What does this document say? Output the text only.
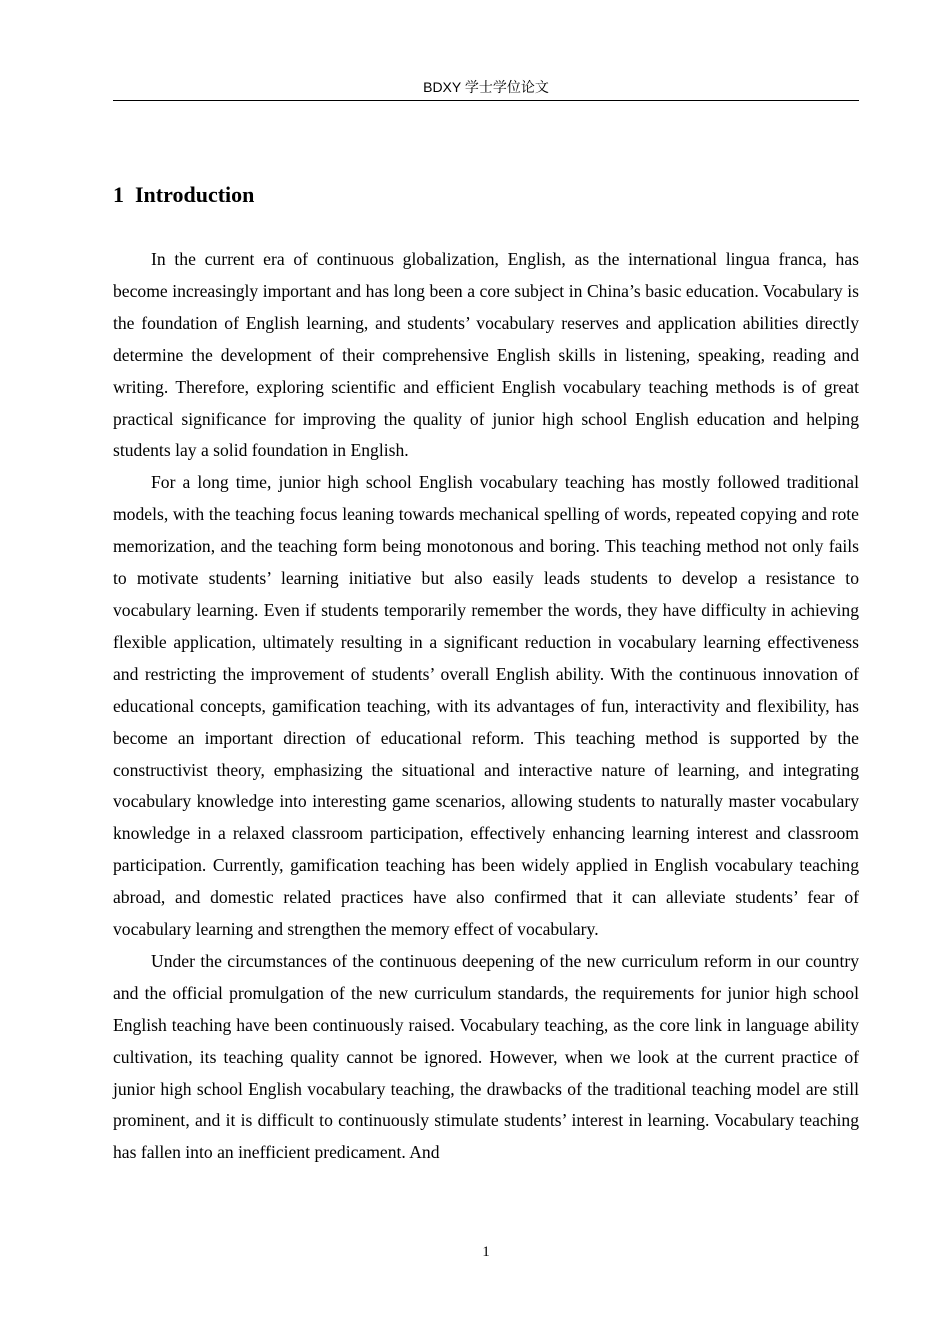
BDXY 学士学位论文
1 Introduction

In the current era of continuous globalization, English, as the international lingua franca, has become increasingly important and has long been a core subject in China’s basic education. Vocabulary is the foundation of English learning, and students’ vocabulary reserves and application abilities directly determine the development of their comprehensive English skills in listening, speaking, reading and writing. Therefore, exploring scientific and efficient English vocabulary teaching methods is of great practical significance for improving the quality of junior high school English education and helping students lay a solid foundation in English.

For a long time, junior high school English vocabulary teaching has mostly followed traditional models, with the teaching focus leaning towards mechanical spelling of words, repeated copying and rote memorization, and the teaching form being monotonous and boring. This teaching method not only fails to motivate students’ learning initiative but also easily leads students to develop a resistance to vocabulary learning. Even if students temporarily remember the words, they have difficulty in achieving flexible application, ultimately resulting in a significant reduction in vocabulary learning effectiveness and restricting the improvement of students’ overall English ability. With the continuous innovation of educational concepts, gamification teaching, with its advantages of fun, interactivity and flexibility, has become an important direction of educational reform. This teaching method is supported by the constructivist theory, emphasizing the situational and interactive nature of learning, and integrating vocabulary knowledge into interesting game scenarios, allowing students to naturally master vocabulary knowledge in a relaxed classroom participation, effectively enhancing learning interest and classroom participation. Currently, gamification teaching has been widely applied in English vocabulary teaching abroad, and domestic related practices have also confirmed that it can alleviate students’ fear of vocabulary learning and strengthen the memory effect of vocabulary.

Under the circumstances of the continuous deepening of the new curriculum reform in our country and the official promulgation of the new curriculum standards, the requirements for junior high school English teaching have been continuously raised. Vocabulary teaching, as the core link in language ability cultivation, its teaching quality cannot be ignored. However, when we look at the current practice of junior high school English vocabulary teaching, the drawbacks of the traditional teaching model are still prominent, and it is difficult to continuously stimulate students’ interest in learning. Vocabulary teaching has fallen into an inefficient predicament. And

1
